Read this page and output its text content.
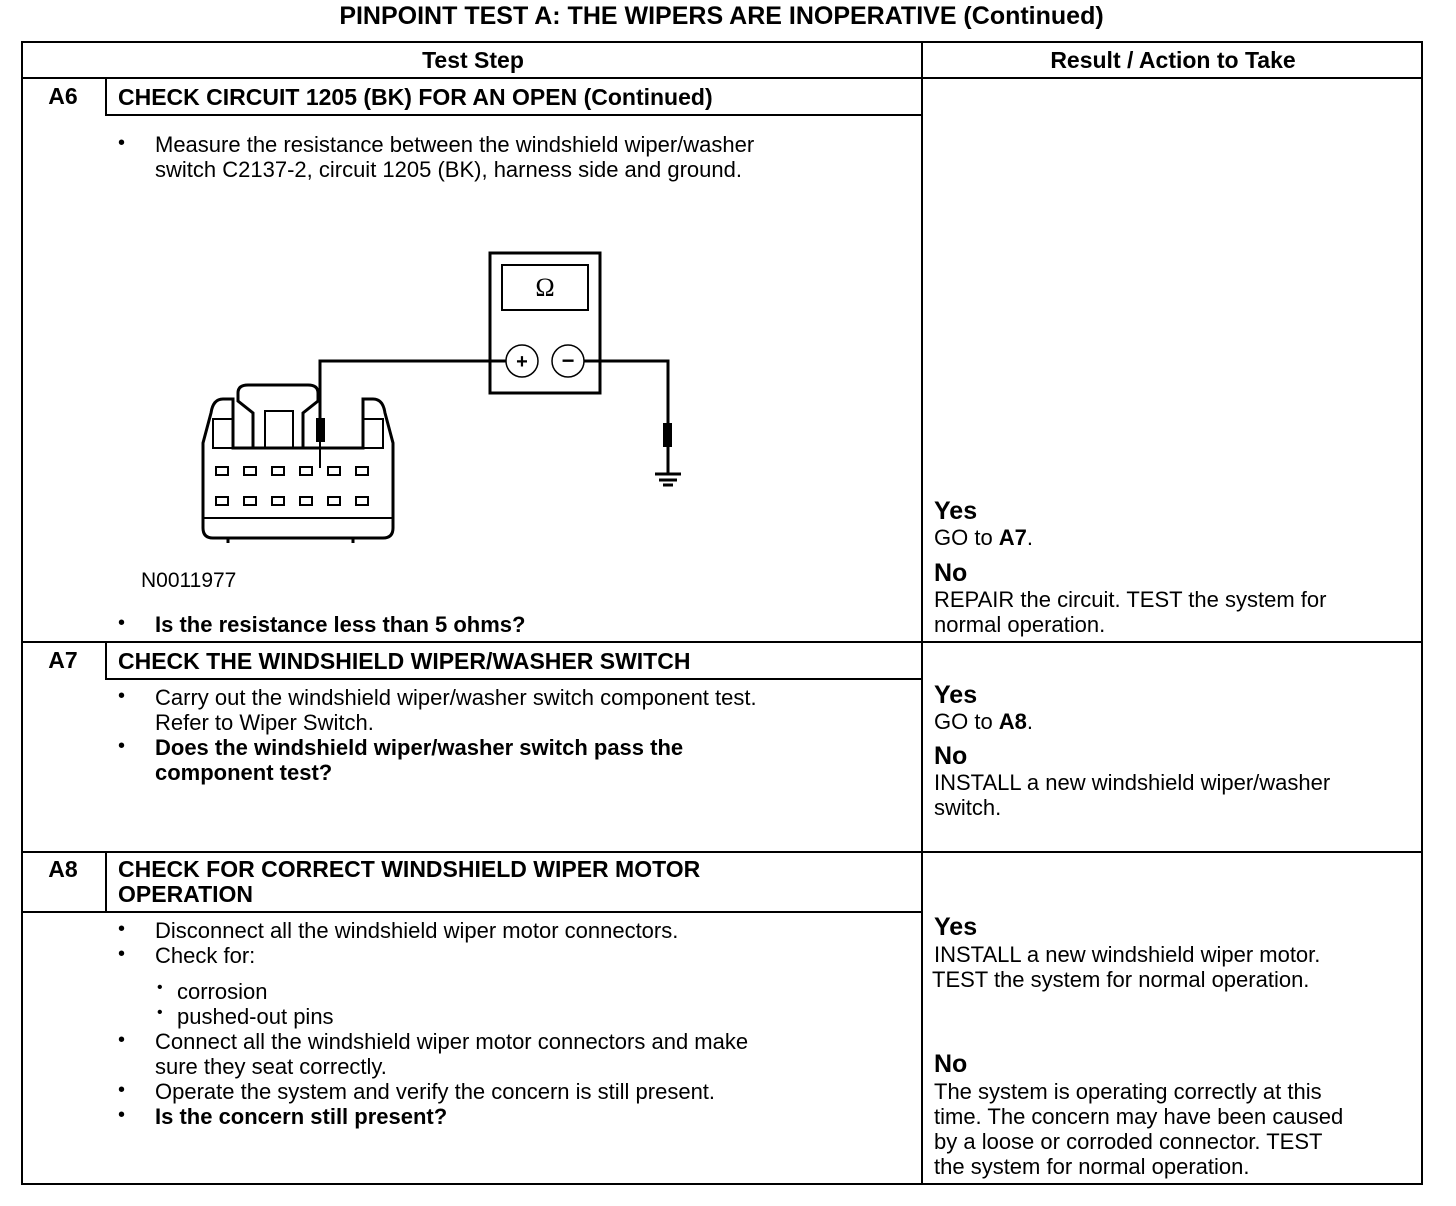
PINPOINT TEST A: THE WIPERS ARE INOPERATIVE (Continued)
Test Step	Result / Action to Take
A6	CHECK CIRCUIT 1205 (BK) FOR AN OPEN (Continued)
• Measure the resistance between the windshield wiper/washer
switch C2137-2, circuit 1205 (BK), harness side and ground.
Ω
+ −
N0011977
• Is the resistance less than 5 ohms?
Yes
GO to A7.
No
REPAIR the circuit. TEST the system for
normal operation.
A7	CHECK THE WINDSHIELD WIPER/WASHER SWITCH
• Carry out the windshield wiper/washer switch component test.
Refer to Wiper Switch.
• Does the windshield wiper/washer switch pass the
component test?
Yes
GO to A8.
No
INSTALL a new windshield wiper/washer
switch.
A8	CHECK FOR CORRECT WINDSHIELD WIPER MOTOR
OPERATION
• Disconnect all the windshield wiper motor connectors.
• Check for:
• corrosion
• pushed-out pins
• Connect all the windshield wiper motor connectors and make
sure they seat correctly.
• Operate the system and verify the concern is still present.
• Is the concern still present?
Yes
INSTALL a new windshield wiper motor.
TEST the system for normal operation.
No
The system is operating correctly at this
time. The concern may have been caused
by a loose or corroded connector. TEST
the system for normal operation.
